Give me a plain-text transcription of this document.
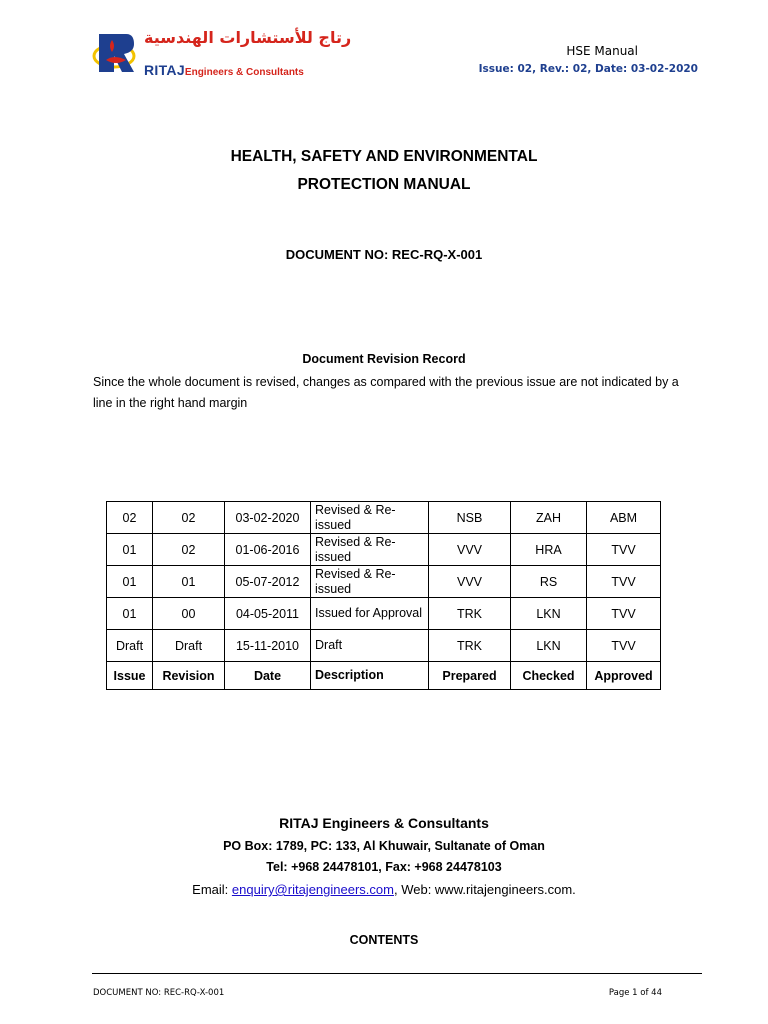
رتاج للأستشارات الهندسية
RITAJEngineers & Consultants
HSE Manual
Issue: 02, Rev.: 02, Date: 03-02-2020
HEALTH, SAFETY AND ENVIRONMENTAL
PROTECTION MANUAL
DOCUMENT NO: REC-RQ-X-001
Document Revision Record
Since the whole document is revised, changes as compared with the previous issue are not indicated by a line in the right hand margin
02	02	03-02-2020	Revised & Re-issued	NSB	ZAH	ABM
01	02	01-06-2016	Revised & Re-issued	VVV	HRA	TVV
01	01	05-07-2012	Revised & Re-issued	VVV	RS	TVV
01	00	04-05-2011	Issued for Approval	TRK	LKN	TVV
Draft	Draft	15-11-2010	Draft	TRK	LKN	TVV
Issue	Revision	Date	Description	Prepared	Checked	Approved
RITAJ Engineers & Consultants
PO Box: 1789, PC: 133, Al Khuwair, Sultanate of Oman
Tel: +968 24478101, Fax: +968 24478103
Email: enquiry@ritajengineers.com, Web: www.ritajengineers.com.
CONTENTS
DOCUMENT NO: REC-RQ-X-001	Page 1 of 44
